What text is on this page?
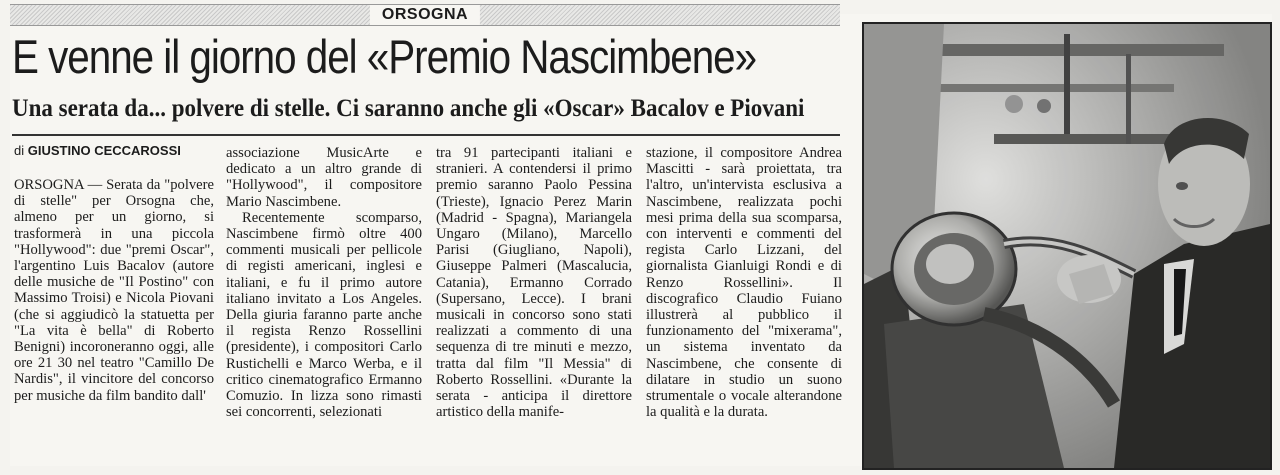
ORSOGNA
E venne il giorno del «Premio Nascimbene»
Una serata da... polvere di stelle. Ci saranno anche gli «Oscar» Bacalov e Piovani
di GIUSTINO CECCAROSSI

ORSOGNA — Serata da "polvere di stelle" per Orsogna che, almeno per un giorno, si trasformerà in una piccola "Hollywood": due "premi Oscar", l'argentino Luis Bacalov (autore delle musiche de "Il Postino" con Massimo Troisi) e Nicola Piovani (che si aggiudicò la statuetta per "La vita è bella" di Roberto Benigni) incoroneranno oggi, alle ore 21 30 nel teatro "Camillo De Nardis", il vincitore del concorso per musiche da film bandito dall'

associazione MusicArte e dedicato a un altro grande di "Hollywood", il compositore Mario Nascimbene.

Recentemente scomparso, Nascimbene firmò oltre 400 commenti musicali per pellicole di registi americani, inglesi e italiani, e fu il primo autore italiano invitato a Los Angeles. Della giuria faranno parte anche il regista Renzo Rossellini (presidente), i compositori Carlo Rustichelli e Marco Werba, e il critico cinematografico Ermanno Comuzio. In lizza sono rimasti sei concorrenti, selezionati

tra 91 partecipanti italiani e stranieri. A contendersi il primo premio saranno Paolo Pessina (Trieste), Ignacio Perez Marin (Madrid - Spagna), Mariangela Ungaro (Milano), Marcello Parisi (Giugliano, Napoli), Giuseppe Palmeri (Mascalucia, Catania), Ermanno Corrado (Supersano, Lecce). I brani musicali in concorso sono stati realizzati a commento di una sequenza di tre minuti e mezzo, tratta dal film "Il Messia" di Roberto Rossellini. «Durante la serata - anticipa il direttore artistico della manife-

stazione, il compositore Andrea Mascitti - sarà proiettata, tra l'altro, un'intervista esclusiva a Nascimbene, realizzata pochi mesi prima della sua scomparsa, con interventi e commenti del regista Carlo Lizzani, del giornalista Gianluigi Rondi e di Renzo Rossellini». Il discografico Claudio Fuiano illustrerà al pubblico il funzionamento del "mixerama", un sistema inventato da Nascimbene, che consente di dilatare in studio un suono strumentale o vocale alterandone la qualità e la durata.
